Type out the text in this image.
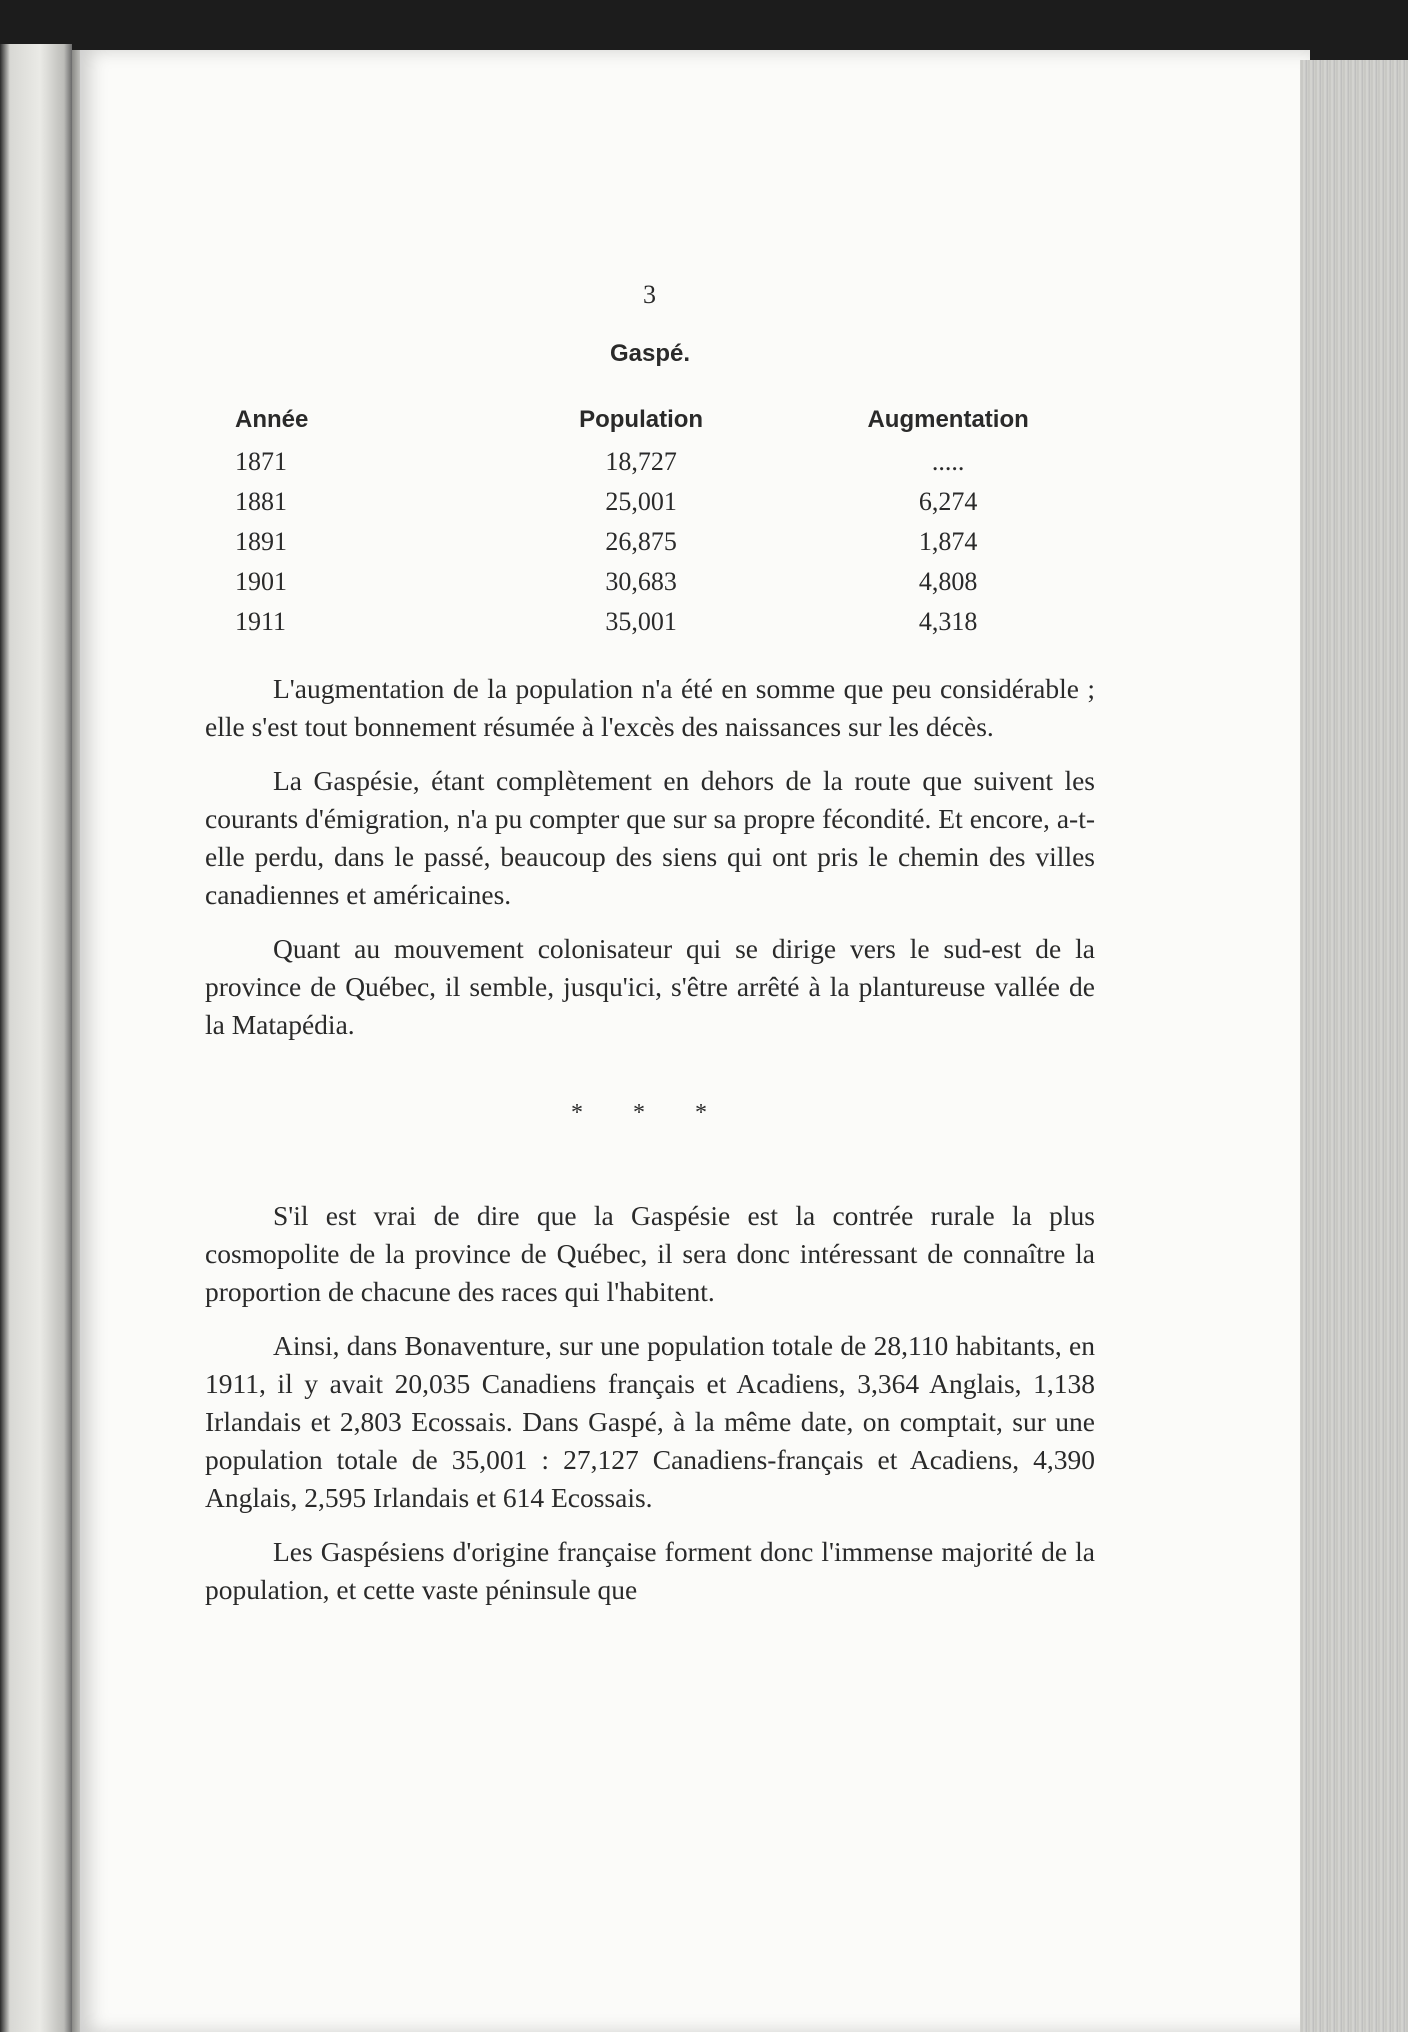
3
Gaspé.
Année	Population	Augmentation
1871	18,727	.....
1881	25,001	6,274
1891	26,875	1,874
1901	30,683	4,808
1911	35,001	4,318

L'augmentation de la population n'a été en somme que peu considérable ; elle s'est tout bonnement résumée à l'excès des naissances sur les décès.

La Gaspésie, étant complètement en dehors de la route que suivent les courants d'émigration, n'a pu compter que sur sa propre fécondité. Et encore, a-t-elle perdu, dans le passé, beaucoup des siens qui ont pris le chemin des villes canadiennes et américaines.

Quant au mouvement colonisateur qui se dirige vers le sud-est de la province de Québec, il semble, jusqu'ici, s'être arrêté à la plantureuse vallée de la Matapédia.

* * *

S'il est vrai de dire que la Gaspésie est la contrée rurale la plus cosmopolite de la province de Québec, il sera donc intéressant de connaître la proportion de chacune des races qui l'habitent.

Ainsi, dans Bonaventure, sur une population totale de 28,110 habitants, en 1911, il y avait 20,035 Canadiens français et Acadiens, 3,364 Anglais, 1,138 Irlandais et 2,803 Ecossais. Dans Gaspé, à la même date, on comptait, sur une population totale de 35,001 : 27,127 Canadiens-français et Acadiens, 4,390 Anglais, 2,595 Irlandais et 614 Ecossais.

Les Gaspésiens d'origine française forment donc l'immense majorité de la population, et cette vaste péninsule que
